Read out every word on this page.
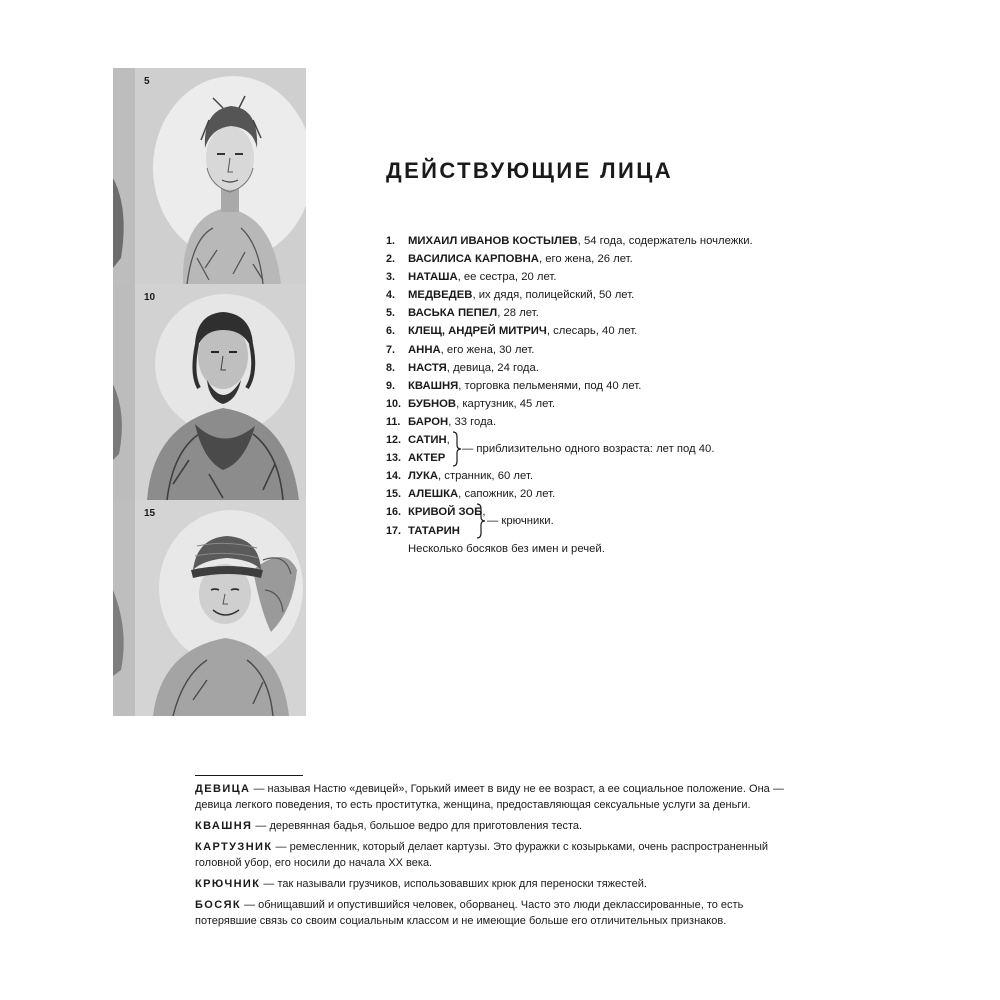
5
10
15
ДЕЙСТВУЮЩИЕ ЛИЦА
1. МИХАИЛ ИВАНОВ КОСТЫЛЕВ, 54 года, содержатель ночлежки.
2. ВАСИЛИСА КАРПОВНА, его жена, 26 лет.
3. НАТАША, ее сестра, 20 лет.
4. МЕДВЕДЕВ, их дядя, полицейский, 50 лет.
5. ВАСЬКА ПЕПЕЛ, 28 лет.
6. КЛЕЩ, АНДРЕЙ МИТРИЧ, слесарь, 40 лет.
7. АННА, его жена, 30 лет.
8. НАСТЯ, девица, 24 года.
9. КВАШНЯ, торговка пельменями, под 40 лет.
10. БУБНОВ, картузник, 45 лет.
11. БАРОН, 33 года.
12. САТИН,
13. АКТЕР
— приблизительно одного возраста: лет под 40.
14. ЛУКА, странник, 60 лет.
15. АЛЕШКА, сапожник, 20 лет.
16. КРИВОЙ ЗОБ,
17. ТАТАРИН
— крючники.
Несколько босяков без имен и речей.

ДЕВИЦА — называя Настю «девицей», Горький имеет в виду не ее возраст, а ее социальное положение. Она — девица легкого поведения, то есть проститутка, женщина, предоставляющая сексуальные услуги за деньги.

КВАШНЯ — деревянная бадья, большое ведро для приготовления теста.

КАРТУЗНИК — ремесленник, который делает картузы. Это фуражки с козырьками, очень распространенный головной убор, его носили до начала XX века.

КРЮЧНИК — так называли грузчиков, использовавших крюк для переноски тяжестей.

БОСЯК — обнищавший и опустившийся человек, оборванец. Часто это люди деклассированные, то есть потерявшие связь со своим социальным классом и не имеющие больше его отличительных признаков.
